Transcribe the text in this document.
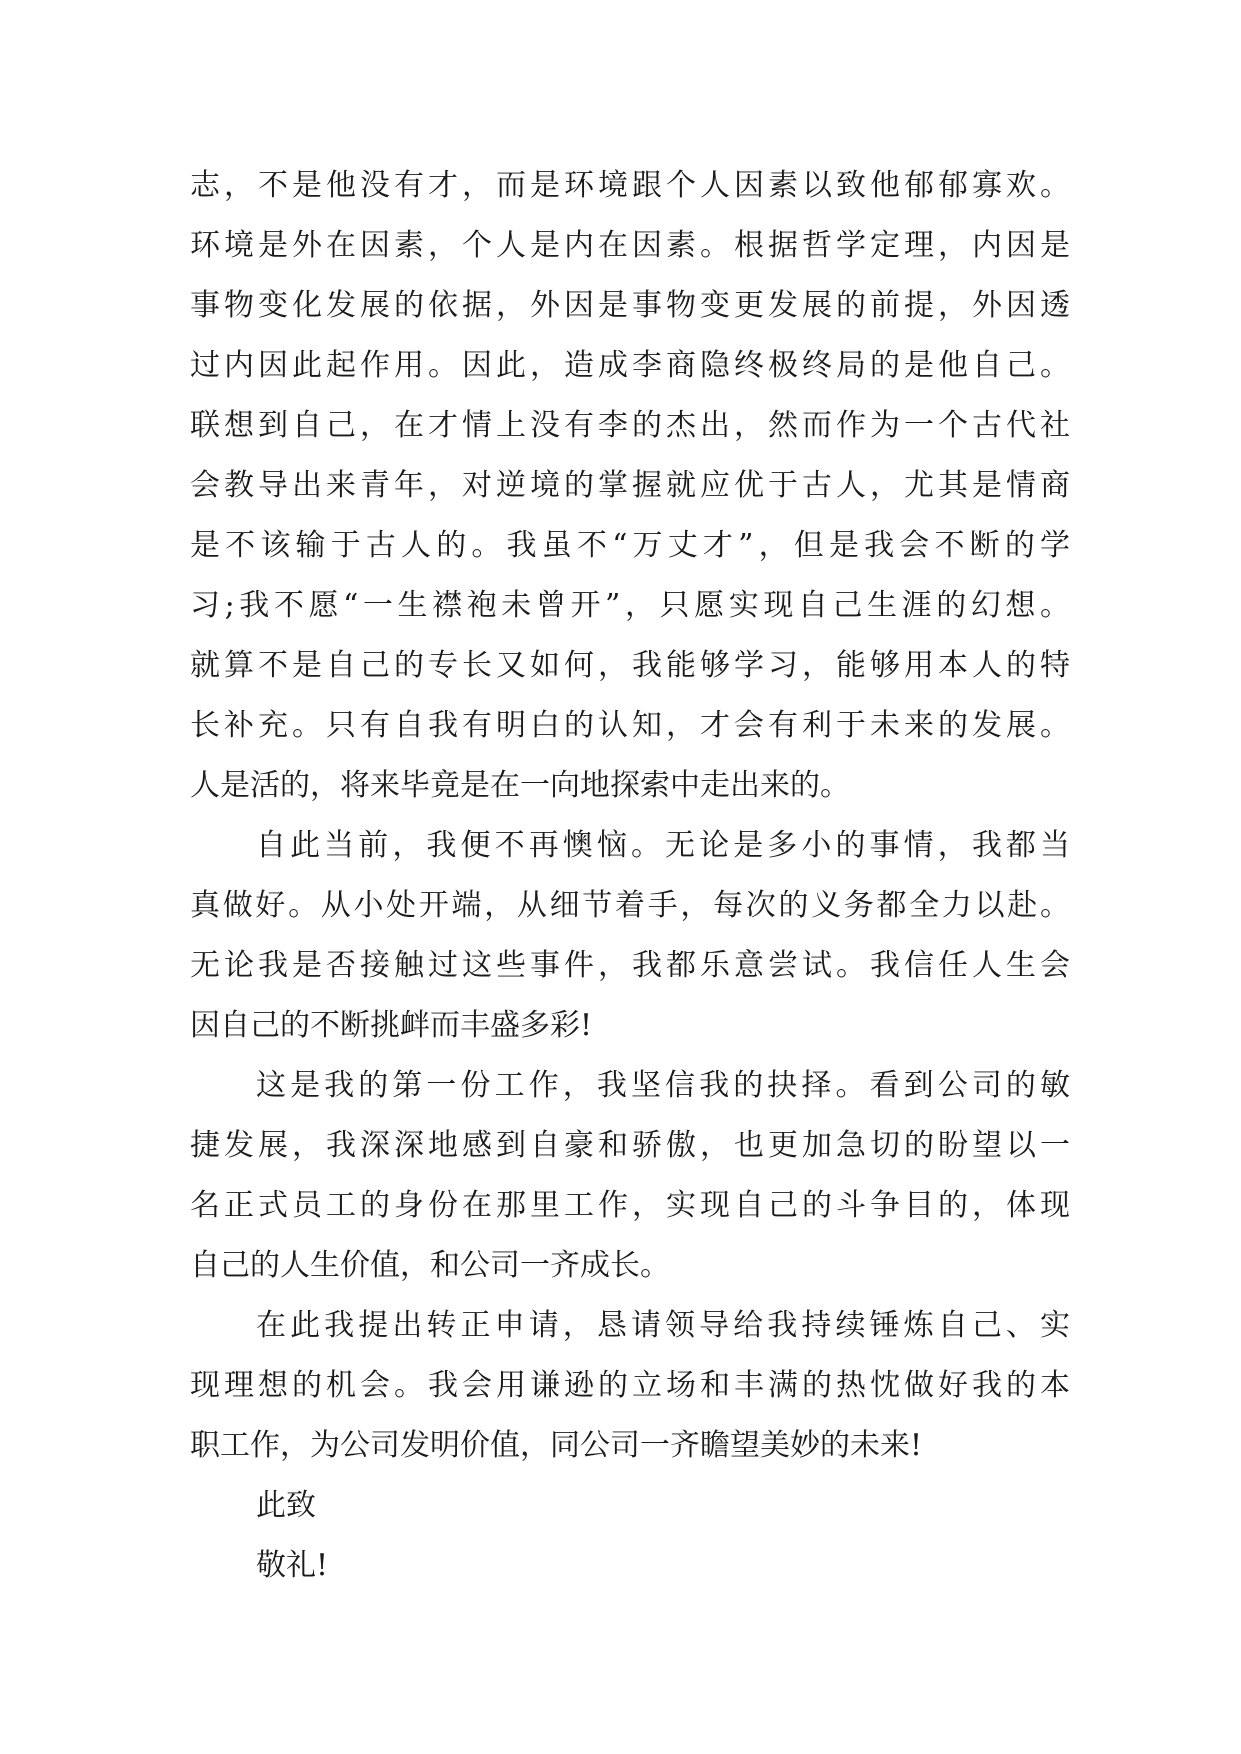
志，不是他没有才，而是环境跟个人因素以致他郁郁寡欢。
环境是外在因素，个人是内在因素。根据哲学定理，内因是
事物变化发展的依据，外因是事物变更发展的前提，外因透
过内因此起作用。因此，造成李商隐终极终局的是他自己。
联想到自己，在才情上没有李的杰出，然而作为一个古代社
会教导出来青年，对逆境的掌握就应优于古人，尤其是情商
是不该输于古人的。我虽不“万丈才”，但是我会不断的学
习;我不愿“一生襟袍未曾开”，只愿实现自己生涯的幻想。
就算不是自己的专长又如何，我能够学习，能够用本人的特
长补充。只有自我有明白的认知，才会有利于未来的发展。
人是活的，将来毕竟是在一向地探索中走出来的。
自此当前，我便不再懊恼。无论是多小的事情，我都当
真做好。从小处开端，从细节着手，每次的义务都全力以赴。
无论我是否接触过这些事件，我都乐意尝试。我信任人生会
因自己的不断挑衅而丰盛多彩!
这是我的第一份工作，我坚信我的抉择。看到公司的敏
捷发展，我深深地感到自豪和骄傲，也更加急切的盼望以一
名正式员工的身份在那里工作，实现自己的斗争目的，体现
自己的人生价值，和公司一齐成长。
在此我提出转正申请，恳请领导给我持续锤炼自己、实
现理想的机会。我会用谦逊的立场和丰满的热忱做好我的本
职工作，为公司发明价值，同公司一齐瞻望美妙的未来!
此致
敬礼!
